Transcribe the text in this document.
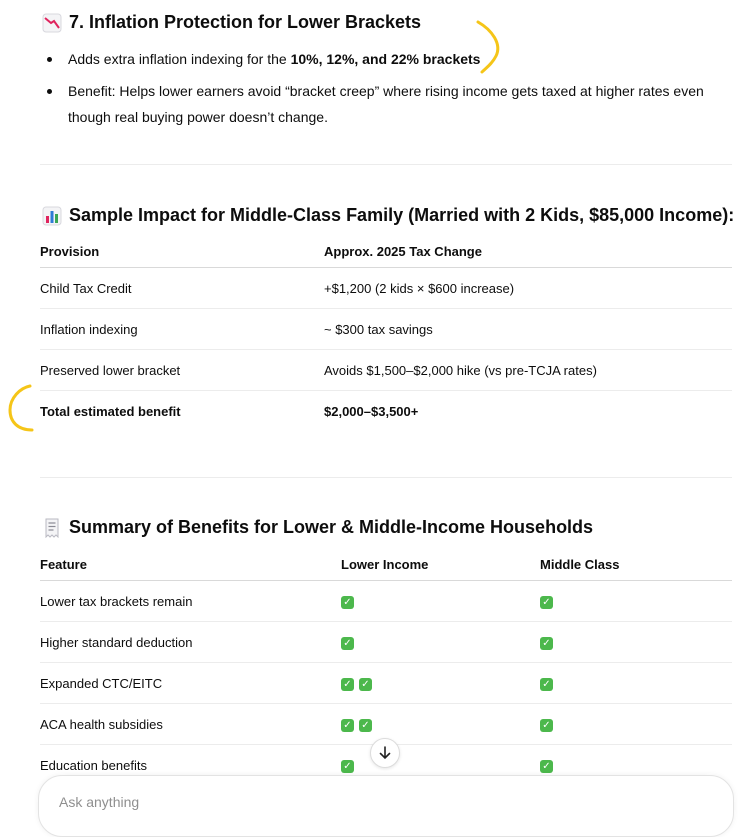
7. Inflation Protection for Lower Brackets
Adds extra inflation indexing for the 10%, 12%, and 22% brackets
Benefit: Helps lower earners avoid “bracket creep” where rising income gets taxed at higher rates even though real buying power doesn’t change.
Sample Impact for Middle-Class Family (Married with 2 Kids, $85,000 Income):
Provision	Approx. 2025 Tax Change
Child Tax Credit	+$1,200 (2 kids × $600 increase)
Inflation indexing	~ $300 tax savings
Preserved lower bracket	Avoids $1,500–$2,000 hike (vs pre-TCJA rates)
Total estimated benefit	$2,000–$3,500+
Summary of Benefits for Lower & Middle-Income Households
Feature	Lower Income	Middle Class
Lower tax brackets remain	✓	✓
Higher standard deduction	✓	✓
Expanded CTC/EITC	✓ ✓	✓
ACA health subsidies	✓ ✓	✓
Education benefits	✓	✓
Ask anything
